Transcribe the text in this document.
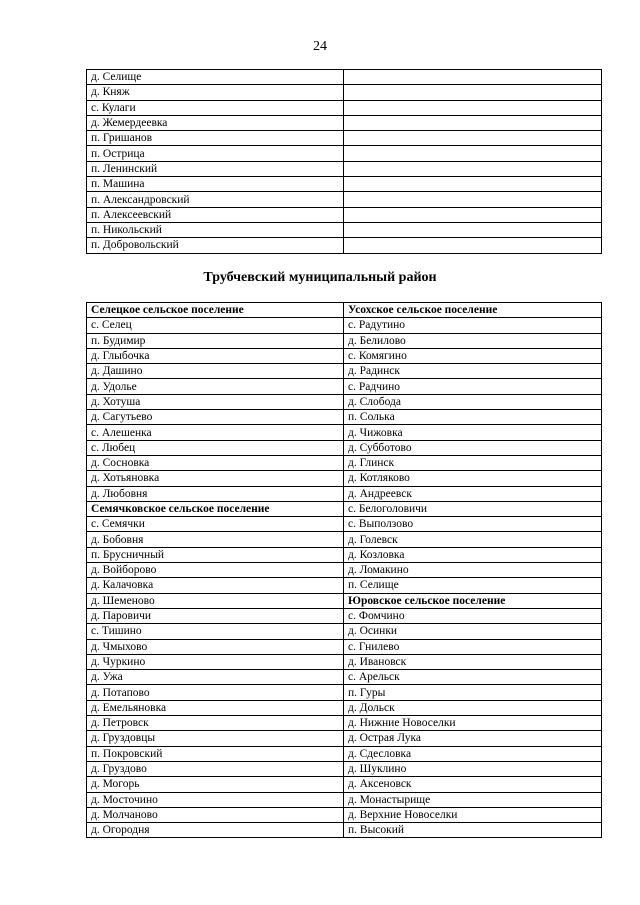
24
д. Селище	
д. Княж	
с. Кулаги	
д. Жемердеевка	
п. Гришанов	
п. Острица	
п. Ленинский	
п. Машина	
п. Александровский	
п. Алексеевский	
п. Никольский	
п. Добровольский	
Трубчевский муниципальный район
Селецкое сельское поселение	Усохское сельское поселение
с. Селец	с. Радутино
п. Будимир	д. Белилово
д. Глыбочка	с. Комягино
д. Дашино	д. Радинск
д. Удолье	с. Радчино
д. Хотуша	д. Слобода
д. Сагутьево	п. Солька
с. Алешенка	д. Чижовка
с. Любец	д. Субботово
д. Сосновка	д. Глинск
д. Хотьяновка	д. Котляково
д. Любовня	д. Андреевск
Семячковское сельское поселение	с. Белоголовичи
с. Семячки	с. Выползово
д. Бобовня	д. Голевск
п. Брусничный	д. Козловка
д. Войборово	д. Ломакино
д. Калачовка	п. Селище
д. Шеменово	Юровское сельское поселение
д. Паровичи	с. Фомчино
с. Тишино	д. Осинки
д. Чмыхово	с. Гнилево
д. Чуркино	д. Ивановск
д. Ужа	с. Арельск
д. Потапово	п. Гуры
д. Емельяновка	д. Дольск
д. Петровск	д. Нижние Новоселки
д. Груздовцы	д. Острая Лука
п. Покровский	д. Сдесловка
д. Груздово	д. Шуклино
д. Могорь	д. Аксеновск
д. Мосточино	д. Монастырище
д. Молчаново	д. Верхние Новоселки
д. Огородня	п. Высокий
